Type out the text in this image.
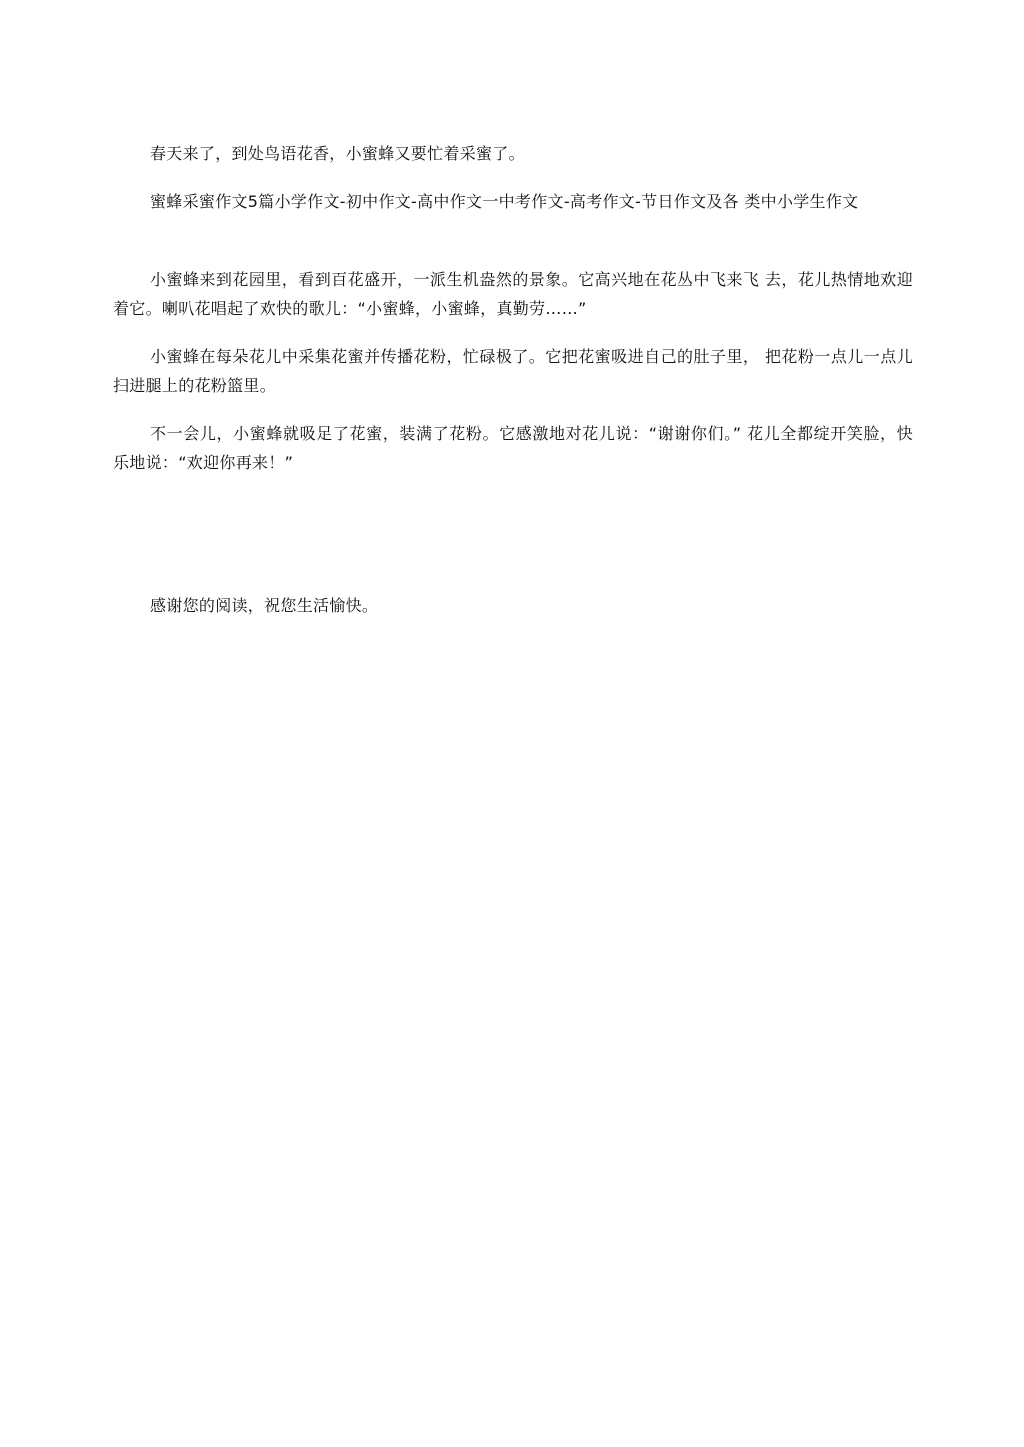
春天来了，到处鸟语花香，小蜜蜂又要忙着采蜜了。

蜜蜂采蜜作文5篇小学作文-初中作文-高中作文一中考作文-高考作文-节日作文及各 类中小学生作文

小蜜蜂来到花园里，看到百花盛开，一派生机盎然的景象。它高兴地在花丛中飞来飞 去，花儿热情地欢迎着它。喇叭花唱起了欢快的歌儿：“小蜜蜂，小蜜蜂，真勤劳……”

小蜜蜂在每朵花儿中采集花蜜并传播花粉，忙碌极了。它把花蜜吸进自己的肚子里， 把花粉一点儿一点儿扫进腿上的花粉篮里。

不一会儿，小蜜蜂就吸足了花蜜，装满了花粉。它感激地对花儿说：“谢谢你们。” 花儿全都绽开笑脸，快乐地说：“欢迎你再来！”

感谢您的阅读，祝您生活愉快。
